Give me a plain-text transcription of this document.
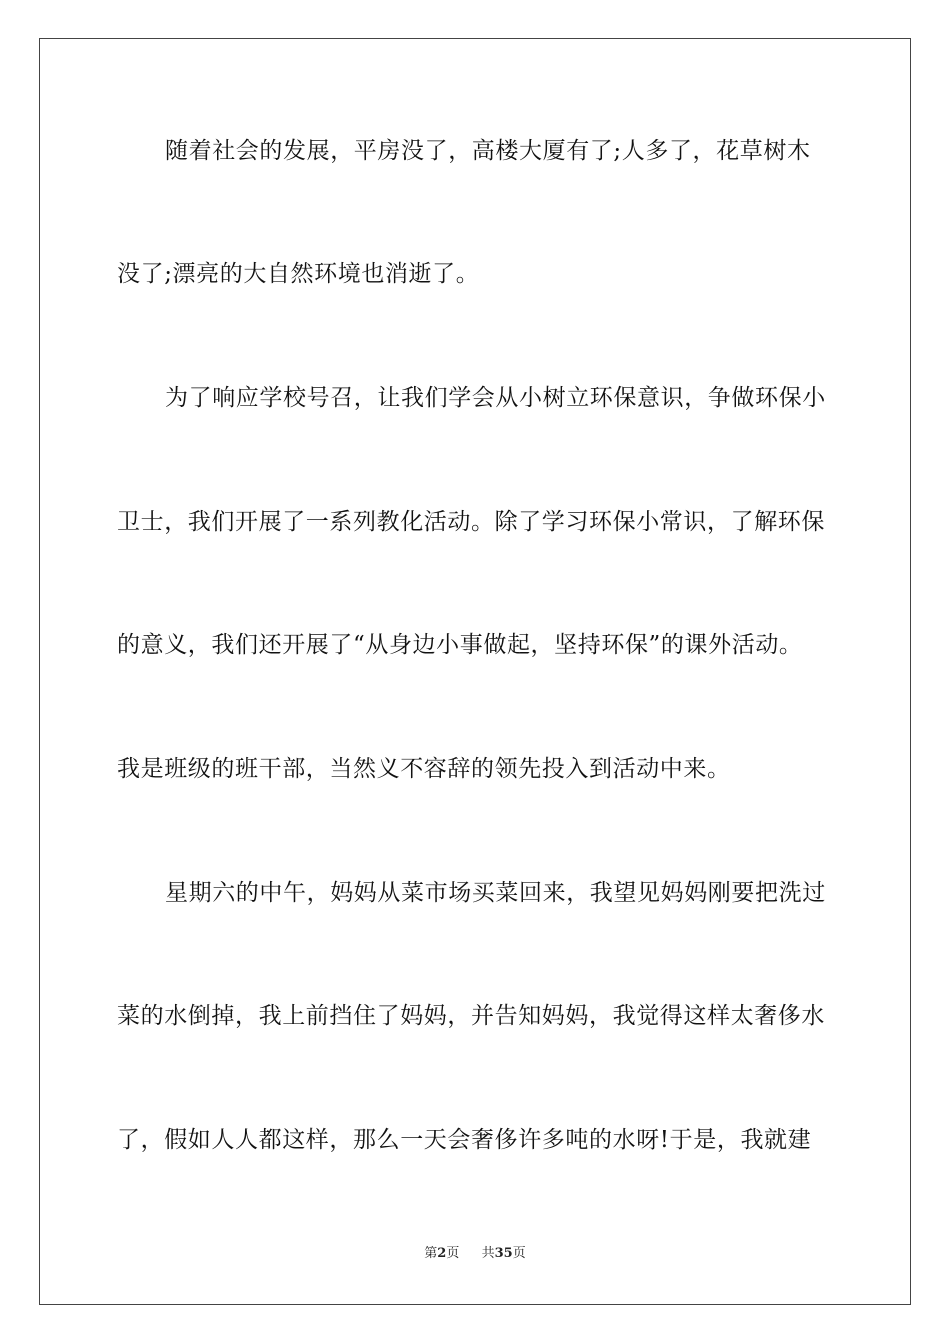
随着社会的发展，平房没了，高楼大厦有了;人多了，花草树木
没了;漂亮的大自然环境也消逝了。
为了响应学校号召，让我们学会从小树立环保意识，争做环保小
卫士，我们开展了一系列教化活动。除了学习环保小常识，了解环保
的意义，我们还开展了“从身边小事做起，坚持环保”的课外活动。
我是班级的班干部，当然义不容辞的领先投入到活动中来。
星期六的中午，妈妈从菜市场买菜回来，我望见妈妈刚要把洗过
菜的水倒掉，我上前挡住了妈妈，并告知妈妈，我觉得这样太奢侈水
了，假如人人都这样，那么一天会奢侈许多吨的水呀!于是，我就建
第2页 共35页
